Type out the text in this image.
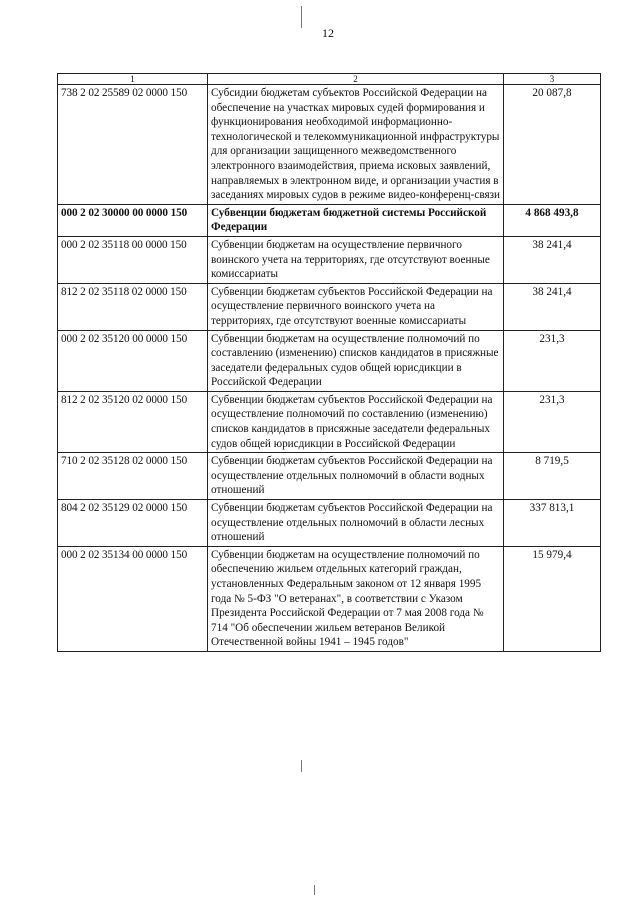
12
1	2	3
738 2 02 25589 02 0000 150	Субсидии бюджетам субъектов Российской Федерации на обеспечение на участках мировых судей формирования и функционирования необходимой информационно-технологической и телекоммуникационной инфраструктуры для организации защищенного межведомственного электронного взаимодействия, приема исковых заявлений, направляемых в электронном виде, и организации участия в заседаниях мировых судов в режиме видео-конференц-связи	20 087,8
000 2 02 30000 00 0000 150	Субвенции бюджетам бюджетной системы Российской Федерации	4 868 493,8
000 2 02 35118 00 0000 150	Субвенции бюджетам на осуществление первичного воинского учета на территориях, где отсутствуют военные комиссариаты	38 241,4
812 2 02 35118 02 0000 150	Субвенции бюджетам субъектов Российской Федерации на осуществление первичного воинского учета на территориях, где отсутствуют военные комиссариаты	38 241,4
000 2 02 35120 00 0000 150	Субвенции бюджетам на осуществление полномочий по составлению (изменению) списков кандидатов в присяжные заседатели федеральных судов общей юрисдикции в Российской Федерации	231,3
812 2 02 35120 02 0000 150	Субвенции бюджетам субъектов Российской Федерации на осуществление полномочий по составлению (изменению) списков кандидатов в присяжные заседатели федеральных судов общей юрисдикции в Российской Федерации	231,3
710 2 02 35128 02 0000 150	Субвенции бюджетам субъектов Российской Федерации на осуществление отдельных полномочий в области водных отношений	8 719,5
804 2 02 35129 02 0000 150	Субвенции бюджетам субъектов Российской Федерации на осуществление отдельных полномочий в области лесных отношений	337 813,1
000 2 02 35134 00 0000 150	Субвенции бюджетам на осуществление полномочий по обеспечению жильем отдельных категорий граждан, установленных Федеральным законом от 12 января 1995 года № 5-ФЗ "О ветеранах", в соответствии с Указом Президента Российской Федерации от 7 мая 2008 года № 714 "Об обеспечении жильем ветеранов Великой Отечественной войны 1941 – 1945 годов"	15 979,4
